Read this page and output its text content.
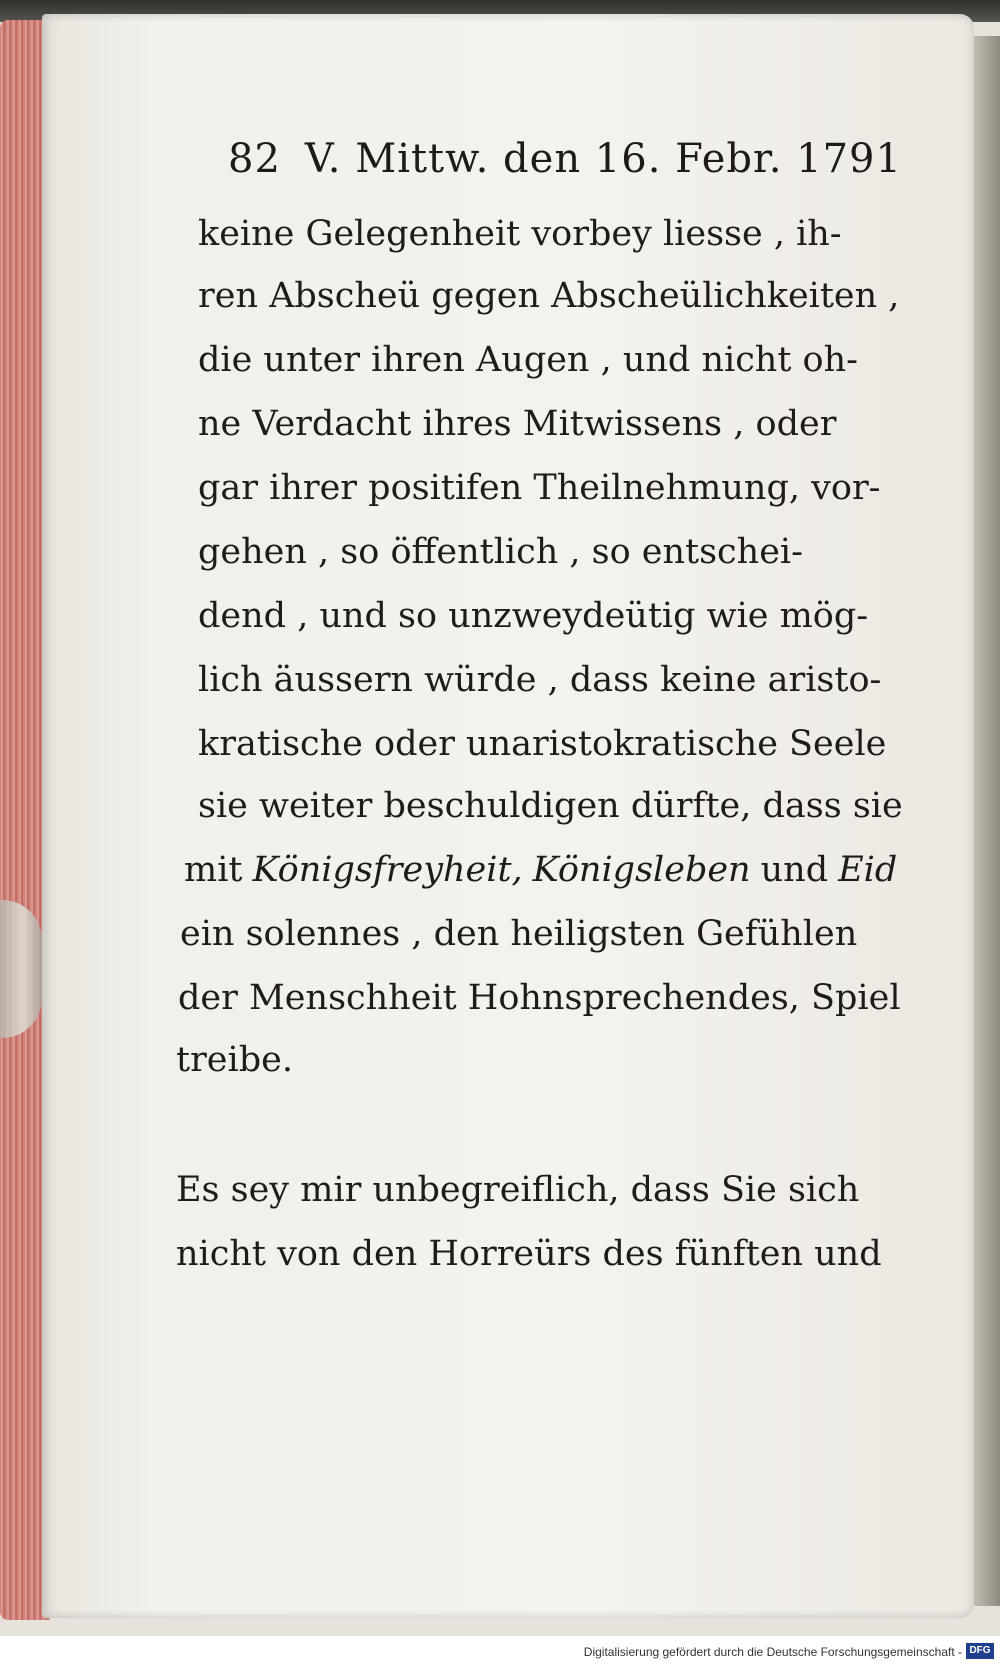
82 V. Mittw. den 16. Febr. 1791
keine Gelegenheit vorbey liesse , ih-
ren Abscheü gegen Abscheülichkeiten ,
die unter ihren Augen , und nicht oh-
ne Verdacht ihres Mitwissens , oder
gar ihrer positifen Theilnehmung, vor-
gehen , so öffentlich , so entschei-
dend , und so unzweydeütig wie mög-
lich äussern würde , dass keine aristo-
kratische oder unaristokratische Seele
sie weiter beschuldigen dürfte, dass sie
mit Königsfreyheit, Königsleben und Eid
ein solennes , den heiligsten Gefühlen
der Menschheit Hohnsprechendes, Spiel
treibe.
Es sey mir unbegreiflich, dass Sie sich
nicht von den Horreürs des fünften und
Digitalisierung gefördert durch die Deutsche Forschungsgemeinschaft - DFG
